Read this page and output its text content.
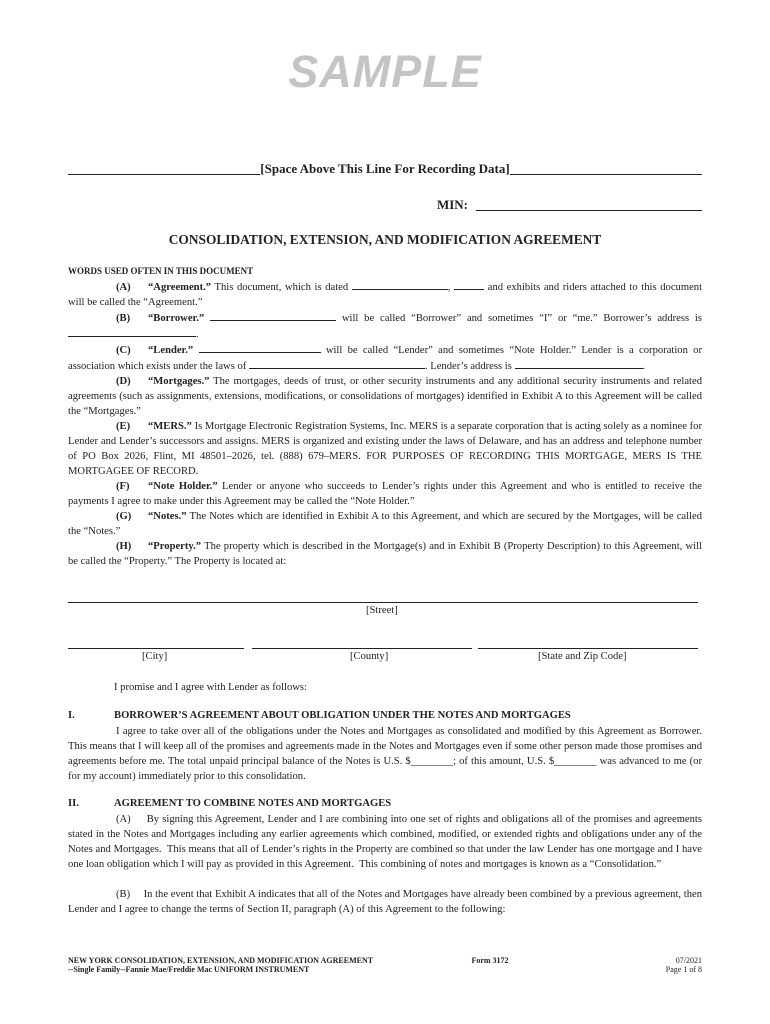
SAMPLE
[Space Above This Line For Recording Data]
MIN:
CONSOLIDATION, EXTENSION, AND MODIFICATION AGREEMENT
WORDS USED OFTEN IN THIS DOCUMENT

(A) “Agreement.” This document, which is dated	,	and exhibits and riders attached to this document will be called the “Agreement.”

(B) “Borrower.”	will be called “Borrower” and sometimes “I” or “me.” Borrower’s address is .

(C) “Lender.”	will be called “Lender” and sometimes “Note Holder.” Lender is a corporation or association which exists under the laws of	. Lender’s address is	.

(D) “Mortgages.” The mortgages, deeds of trust, or other security instruments and any additional security instruments and related agreements (such as assignments, extensions, modifications, or consolidations of mortgages) identified in Exhibit A to this Agreement will be called the “Mortgages.”

(E) “MERS.” Is Mortgage Electronic Registration Systems, Inc. MERS is a separate corporation that is acting solely as a nominee for Lender and Lender’s successors and assigns. MERS is organized and existing under the laws of Delaware, and has an address and telephone number of PO Box 2026, Flint, MI 48501–2026, tel. (888) 679–MERS. FOR PURPOSES OF RECORDING THIS MORTGAGE, MERS IS THE MORTGAGEE OF RECORD.

(F) “Note Holder.” Lender or anyone who succeeds to Lender’s rights under this Agreement and who is entitled to receive the payments I agree to make under this Agreement may be called the “Note Holder.”

(G) “Notes.” The Notes which are identified in Exhibit A to this Agreement, and which are secured by the Mortgages, will be called the “Notes.”

(H) “Property.” The property which is described in the Mortgage(s) and in Exhibit B (Property Description) to this Agreement, will be called the “Property.” The Property is located at:

[Street]
[City]	[County]	[State and Zip Code]
I promise and I agree with Lender as follows:
I.	BORROWER’S AGREEMENT ABOUT OBLIGATION UNDER THE NOTES AND MORTGAGES
I agree to take over all of the obligations under the Notes and Mortgages as consolidated and modified by this Agreement as Borrower. This means that I will keep all of the promises and agreements made in the Notes and Mortgages even if some other person made those promises and agreements before me. The total unpaid principal balance of the Notes is U.S. $________; of this amount, U.S. $________ was advanced to me (or for my account) immediately prior to this consolidation.
II.	AGREEMENT TO COMBINE NOTES AND MORTGAGES
(A)     By signing this Agreement, Lender and I are combining into one set of rights and obligations all of the promises and agreements stated in the Notes and Mortgages including any earlier agreements which combined, modified, or extended rights and obligations under any of the Notes and Mortgages.  This means that all of Lender’s rights in the Property are combined so that under the law Lender has one mortgage and I have one loan obligation which I will pay as provided in this Agreement.  This combining of notes and mortgages is known as a “Consolidation.”
(B)     In the event that Exhibit A indicates that all of the Notes and Mortgages have already been combined by a previous agreement, then Lender and I agree to change the terms of Section II, paragraph (A) of this Agreement to the following:
NEW YORK CONSOLIDATION, EXTENSION, AND MODIFICATION AGREEMENT	Form 3172	07/2021
--Single Family--Fannie Mae/Freddie Mac UNIFORM INSTRUMENT	Page 1 of 8
